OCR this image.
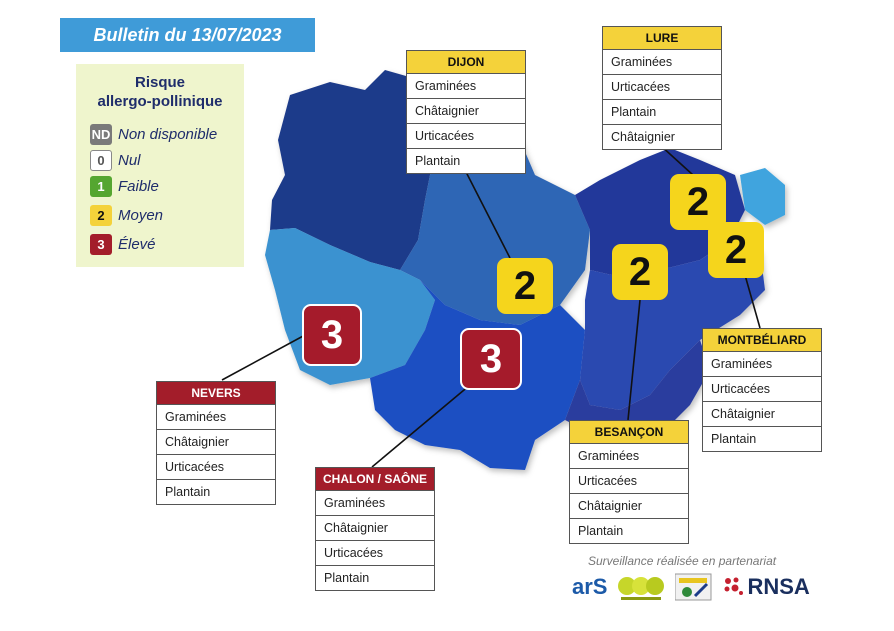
Bulletin du 13/07/2023
Risque
allergo-pollinique
ND Non disponible
0 Nul
1 Faible
2 Moyen
3 Élevé
2
2
2
2
3
3
DIJON
Graminées
Châtaignier
Urticacées
Plantain
LURE
Graminées
Urticacées
Plantain
Châtaignier
MONTBÉLIARD
Graminées
Urticacées
Châtaignier
Plantain
BESANÇON
Graminées
Urticacées
Châtaignier
Plantain
NEVERS
Graminées
Châtaignier
Urticacées
Plantain
CHALON / SAÔNE
Graminées
Châtaignier
Urticacées
Plantain
Surveillance réalisée en partenariat
arS	RNSA
